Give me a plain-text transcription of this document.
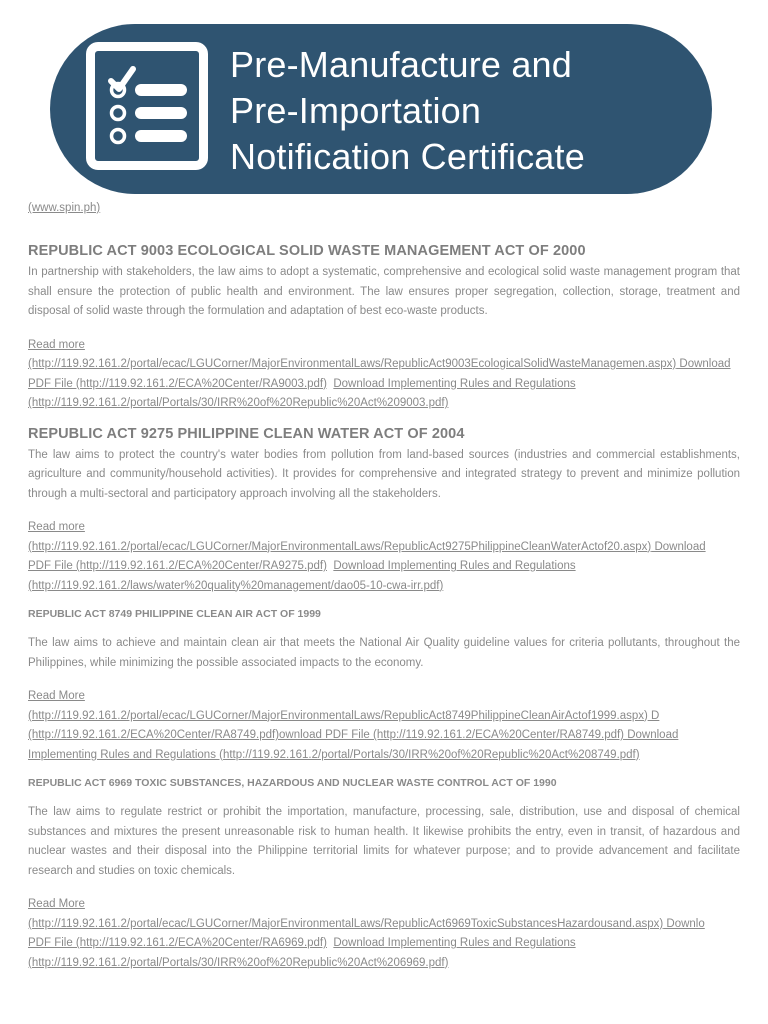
Pre-Manufacture and
Pre-Importation
Notification Certificate
(www.spin.ph)
REPUBLIC ACT 9003 ECOLOGICAL SOLID WASTE MANAGEMENT ACT OF 2000

In partnership with stakeholders, the law aims to adopt a systematic, comprehensive and ecological solid waste management program that shall ensure the protection of public health and environment. The law ensures proper segregation, collection, storage, treatment and disposal of solid waste through the formulation and adaptation of best eco-waste products.

Read more
(http://119.92.161.2/portal/ecac/LGUCorner/MajorEnvironmentalLaws/RepublicAct9003EcologicalSolidWasteManagemen.aspx) Download
PDF File (http://119.92.161.2/ECA%20Center/RA9003.pdf) Download Implementing Rules and Regulations
(http://119.92.161.2/portal/Portals/30/IRR%20of%20Republic%20Act%209003.pdf)
REPUBLIC ACT 9275 PHILIPPINE CLEAN WATER ACT OF 2004

The law aims to protect the country's water bodies from pollution from land-based sources (industries and commercial establishments, agriculture and community/household activities). It provides for comprehensive and integrated strategy to prevent and minimize pollution through a multi-sectoral and participatory approach involving all the stakeholders.

Read more
(http://119.92.161.2/portal/ecac/LGUCorner/MajorEnvironmentalLaws/RepublicAct9275PhilippineCleanWaterActof20.aspx) Download
PDF File (http://119.92.161.2/ECA%20Center/RA9275.pdf) Download Implementing Rules and Regulations
(http://119.92.161.2/laws/water%20quality%20management/dao05-10-cwa-irr.pdf)
REPUBLIC ACT 8749 PHILIPPINE CLEAN AIR ACT OF 1999

The law aims to achieve and maintain clean air that meets the National Air Quality guideline values for criteria pollutants, throughout the Philippines, while minimizing the possible associated impacts to the economy.

Read More
(http://119.92.161.2/portal/ecac/LGUCorner/MajorEnvironmentalLaws/RepublicAct8749PhilippineCleanAirActof1999.aspx) D
(http://119.92.161.2/ECA%20Center/RA8749.pdf)ownload PDF File (http://119.92.161.2/ECA%20Center/RA8749.pdf) Download
Implementing Rules and Regulations (http://119.92.161.2/portal/Portals/30/IRR%20of%20Republic%20Act%208749.pdf)
REPUBLIC ACT 6969 TOXIC SUBSTANCES, HAZARDOUS AND NUCLEAR WASTE CONTROL ACT OF 1990

The law aims to regulate restrict or prohibit the importation, manufacture, processing, sale, distribution, use and disposal of chemical substances and mixtures the present unreasonable risk to human health. It likewise prohibits the entry, even in transit, of hazardous and nuclear wastes and their disposal into the Philippine territorial limits for whatever purpose; and to provide advancement and facilitate research and studies on toxic chemicals.

Read More
(http://119.92.161.2/portal/ecac/LGUCorner/MajorEnvironmentalLaws/RepublicAct6969ToxicSubstancesHazardousand.aspx) Downlo
PDF File (http://119.92.161.2/ECA%20Center/RA6969.pdf) Download Implementing Rules and Regulations
(http://119.92.161.2/portal/Portals/30/IRR%20of%20Republic%20Act%206969.pdf)
